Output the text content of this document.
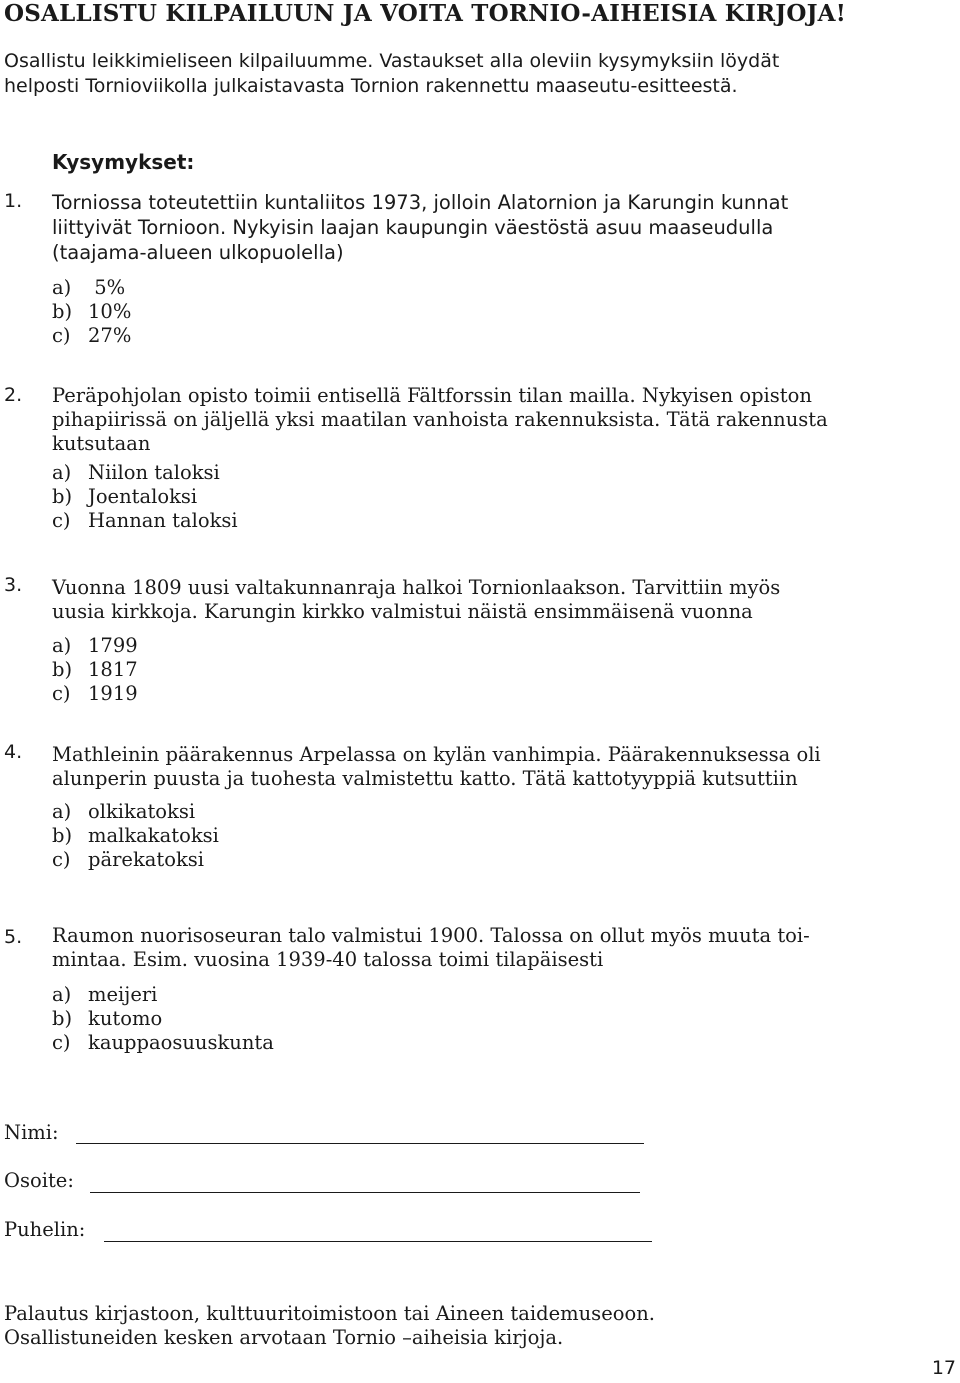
OSALLISTU KILPAILUUN JA VOITA TORNIO-AIHEISIA KIRJOJA!
Osallistu leikkimieliseen kilpailuumme. Vastaukset alla oleviin kysymyksiin löydät
helposti Tornioviikolla julkaistavasta Tornion rakennettu maaseutu-esitteestä.
Kysymykset:
1. Torniossa toteutettiin kuntaliitos 1973, jolloin Alatornion ja Karungin kunnat
liittyivät Tornioon. Nykyisin laajan kaupungin väestöstä asuu maaseudulla
(taajama-alueen ulkopuolella)
a) 5%
b) 10%
c) 27%
2. Peräpohjolan opisto toimii entisellä Fältforssin tilan mailla. Nykyisen opiston
pihapiirissä on jäljellä yksi maatilan vanhoista rakennuksista. Tätä rakennusta
kutsutaan
a) Niilon taloksi
b) Joentaloksi
c) Hannan taloksi
3. Vuonna 1809 uusi valtakunnanraja halkoi Tornionlaakson. Tarvittiin myös
uusia kirkkoja. Karungin kirkko valmistui näistä ensimmäisenä vuonna
a) 1799
b) 1817
c) 1919
4. Mathleinin päärakennus Arpelassa on kylän vanhimpia. Päärakennuksessa oli
alunperin puusta ja tuohesta valmistettu katto. Tätä kattotyyppiä kutsuttiin
a) olkikatoksi
b) malkakatoksi
c) pärekatoksi
5. Raumon nuorisoseuran talo valmistui 1900. Talossa on ollut myös muuta toi-
mintaa. Esim. vuosina 1939-40 talossa toimi tilapäisesti
a) meijeri
b) kutomo
c) kauppaosuuskunta
Nimi:
Osoite:
Puhelin:
Palautus kirjastoon, kulttuuritoimistoon tai Aineen taidemuseoon.
Osallistuneiden kesken arvotaan Tornio –aiheisia kirjoja.
17
